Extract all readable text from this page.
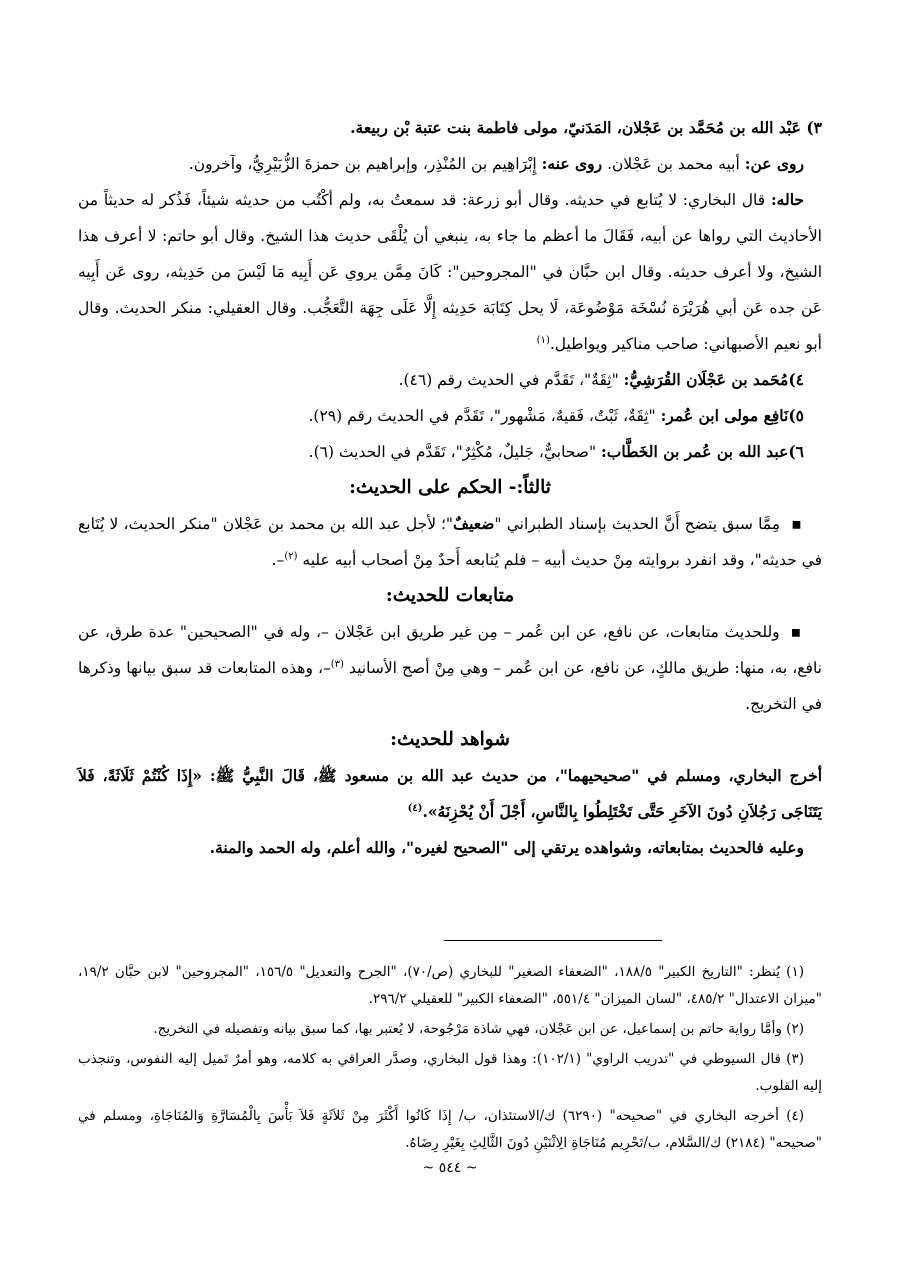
٣) عَبْد الله بن مُحَمَّد بن عَجْلان، المَدَنيّ، مولى فاطمة بنت عتبة بْن ربيعة.

روى عن: أبيه محمد بن عَجْلان. روى عنه: إِبْرَاهِيم بن المُنْذِر، وإبراهيم بن حمزةَ الزُّبَيْرِيُّ، وآخرون.

حاله: قال البخاري: لا يُتابع في حديثه. وقال أبو زرعة: قد سمعتُ به، ولم أكْتُب من حديثه شيئاً، فَذُكر له حديثاً من الأحاديث التي رواها عن أبيه، فَقَالَ ما أعظم ما جاء به، ينبغي أن يُلْقَى حديث هذا الشيخ. وقال أبو حاتم: لا أعرف هذا الشيخ، ولا أعرف حديثه. وقال ابن حبَّان في "المجروحين": كَانَ مِمَّن يروي عَن أَبِيه مَا لَيْسَ من حَدِيثه، روى عَن أَبِيه عَن جده عَن أبي هُرَيْرَة نُسْخَة مَوْضُوعَة، لَا يحل كِتَابَة حَدِيثه إِلَّا عَلَى جِهَة التَّعَجُّب. وقال العقيلي: منكر الحديث. وقال أبو نعيم الأصبهاني: صاحب مناكير ويواطيل.$^{(١)}$

٤)مُحَمد بن عَجْلَان القُرَشِيُّ: "ثِقَةٌ"، تَقَدَّم في الحديث رقم (٤٦).

٥)نَافِع مولى ابن عُمر: "ثِقَةٌ، ثَبْتٌ، فَقيهٌ، مَشْهور"، تَقَدَّم في الحديث رقم (٢٩).

٦)عبد الله بن عُمر بن الخَطَّاب: "صحابيٌّ، جَليلٌ، مُكْثِرٌ"، تَقَدَّم في الحديث (٦).

ثالثاً:- الحكم على الحديث:

▪ مِمَّا سبق يتضح أَنَّ الحديث بإسناد الطبراني "ضعيفٌ"؛ لأجل عبد الله بن محمد بن عَجْلان "منكر الحديث، لا يُتَابع في حديثه"، وقد انفرد بروايته مِنْ حديث أبيه – فلم يُتابعه أَحدٌ مِنْ أصحاب أبيه عليه $^{(٢)}$–.

متابعات للحديث:

▪ وللحديث متابعات، عن نافع، عن ابن عُمر – مِن غير طريق ابن عَجْلان –، وله في "الصحيحين" عدة طرق، عن نافع، به، منها: طريق مالكٍ، عن نافع، عن ابن عُمر – وهي مِنْ أصح الأسانيد $^{(٣)}$–، وهذه المتابعات قد سبق بيانها وذكرها في التخريج.

شواهد للحديث:

أخرج البخاري، ومسلم في "صحيحيهما"، من حديث عبد الله بن مسعود ﷺ، قَالَ النَّبِيُّ ﷺ: «إِذَا كُنْتُمْ ثَلَاثَةً، فَلاَ يَتَنَاجَى رَجُلاَنِ دُونَ الآخَرِ حَتَّى تَخْتَلِطُوا بِالنَّاسِ، أَجْلَ أَنْ يُحْزِنَهُ».$^{(٤)}$

وعليه فالحديث بمتابعاته، وشواهده يرتقي إلى "الصحيح لغيره"، والله أعلم، وله الحمد والمنة.

(١) يُنظر: "التاريخ الكبير" ١٨٨/٥، "الضعفاء الصغير" للبخاري (ص/٧٠)، "الجرح والتعديل" ١٥٦/٥، "المجروحين" لابن حبَّان ١٩/٢، "ميزان الاعتدال" ٤٨٥/٢، "لسان الميزان" ٥٥١/٤، "الضعفاء الكبير" للعقيلي ٢٩٦/٢.

(٢) وأمَّا رواية حاتم بن إسماعيل، عن ابن عَجْلان، فهي شاذة مَرْجُوحة، لا يُعتبر بها، كما سبق بيانه وتفصيله في التخريج.

(٣) قال السيوطي في "تدريب الراوي" (١٠٢/١): وهذا قول البخاري، وصدَّر العراقي به كلامه، وهو أمرٌ تَميل إليه النفوس، وتنجذب إليه القلوب.

(٤) أخرجه البخاري في "صحيحه" (٦٢٩٠) ك/الاستئذان، ب/ إِذَا كَانُوا أَكْثَرَ مِنْ ثَلاَثَةٍ فَلاَ بَأْسَ بِالْمُسَارَّةِ وَالمُنَاجَاةِ، ومسلم في "صحيحه" (٢١٨٤) ك/السَّلام، ب/تَحْرِيم مُنَاجَاةِ الِاثْنَيْنِ دُونَ الثَّالِثِ بِغَيْرِ رِضَاهُ.

~ ٥٤٤ ~
